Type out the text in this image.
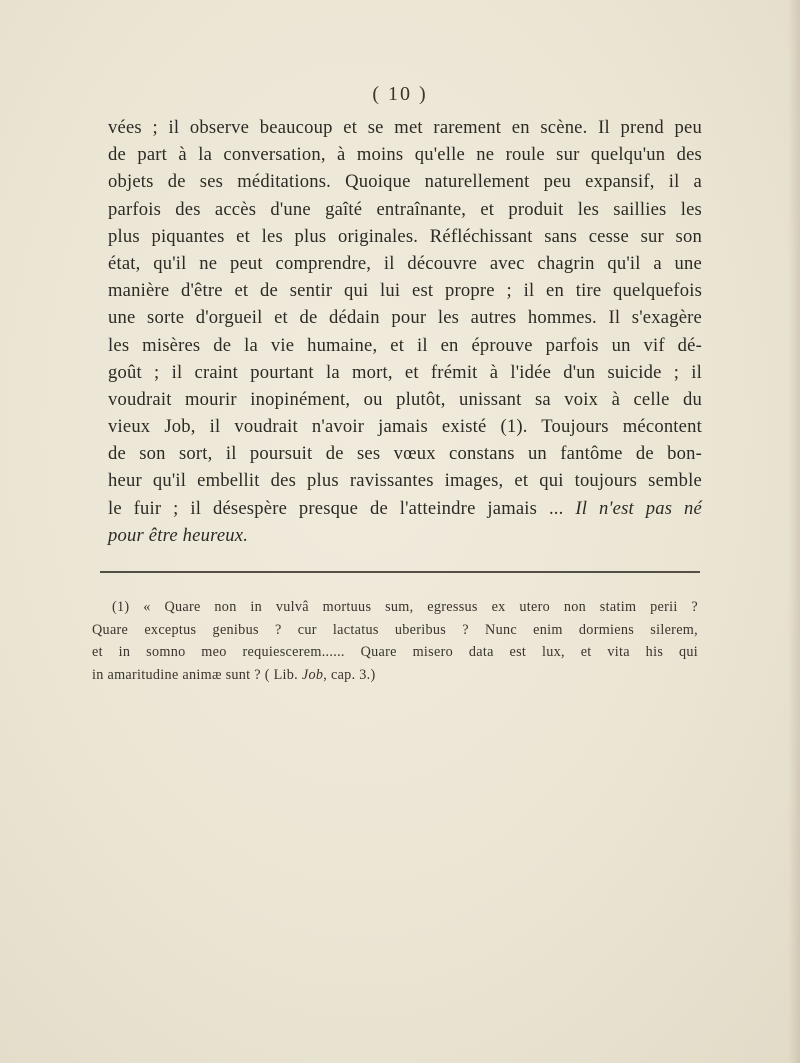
( 10 )
vées ; il observe beaucoup et se met rarement en scène. Il prend peu
de part à la conversation, à moins qu'elle ne roule sur quelqu'un des
objets de ses méditations. Quoique naturellement peu expansif, il a
parfois des accès d'une gaîté entraînante, et produit les saillies les
plus piquantes et les plus originales. Réfléchissant sans cesse sur son
état, qu'il ne peut comprendre, il découvre avec chagrin qu'il a une
manière d'être et de sentir qui lui est propre ; il en tire quelquefois
une sorte d'orgueil et de dédain pour les autres hommes. Il s'exagère
les misères de la vie humaine, et il en éprouve parfois un vif dé-
goût ; il craint pourtant la mort, et frémit à l'idée d'un suicide ; il
voudrait mourir inopinément, ou plutôt, unissant sa voix à celle du
vieux Job, il voudrait n'avoir jamais existé (1). Toujours mécontent
de son sort, il poursuit de ses vœux constans un fantôme de bon-
heur qu'il embellit des plus ravissantes images, et qui toujours semble
le fuir ; il désespère presque de l'atteindre jamais ... Il n'est pas né
pour être heureux.
(1) « Quare non in vulvâ mortuus sum, egressus ex utero non statim perii ?
Quare exceptus genibus ? cur lactatus uberibus ? Nunc enim dormiens silerem,
et in somno meo requiescerem...... Quare misero data est lux, et vita his qui
in amaritudine animæ sunt ? ( Lib. Job, cap. 3.)
